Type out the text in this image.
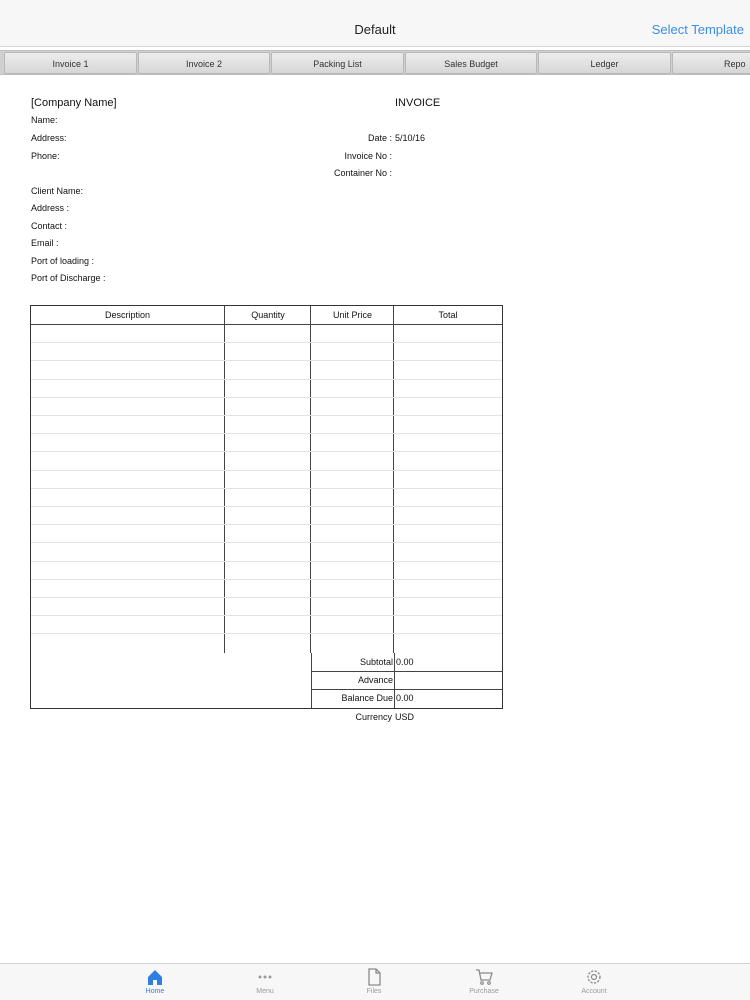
Default	Select Template
Invoice 1	Invoice 2	Packing List	Sales Budget	Ledger	Repo
[Company Name]	INVOICE
Name:
Address:
Phone:
Date : 5/10/16
Invoice No :
Container No :
Client Name:
Address :
Contact :
Email :
Port of loading :
Port of Discharge :
Description	Quantity	Unit Price	Total
Subtotal 0.00
Advance
Balance Due 0.00
Currency USD
Home	Menu	Files	Purchase	Account
